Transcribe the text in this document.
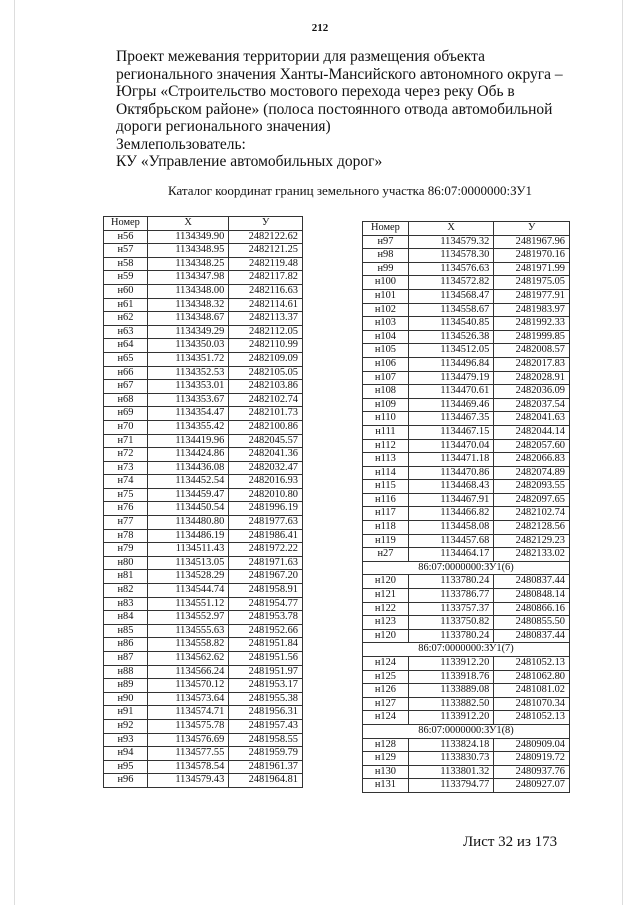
212
Проект межевания территории для размещения объекта
регионального значения Ханты-Мансийского автономного округа –
Югры «Строительство мостового перехода через реку Обь в
Октябрьском районе» (полоса постоянного отвода автомобильной
дороги регионального значения)
Землепользователь:
КУ «Управление автомобильных дорог»
Каталог координат границ земельного участка 86:07:0000000:ЗУ1
Номер	X	У
н56	1134349.90	2482122.62
н57	1134348.95	2482121.25
н58	1134348.25	2482119.48
н59	1134347.98	2482117.82
н60	1134348.00	2482116.63
н61	1134348.32	2482114.61
н62	1134348.67	2482113.37
н63	1134349.29	2482112.05
н64	1134350.03	2482110.99
н65	1134351.72	2482109.09
н66	1134352.53	2482105.05
н67	1134353.01	2482103.86
н68	1134353.67	2482102.74
н69	1134354.47	2482101.73
н70	1134355.42	2482100.86
н71	1134419.96	2482045.57
н72	1134424.86	2482041.36
н73	1134436.08	2482032.47
н74	1134452.54	2482016.93
н75	1134459.47	2482010.80
н76	1134450.54	2481996.19
н77	1134480.80	2481977.63
н78	1134486.19	2481986.41
н79	1134511.43	2481972.22
н80	1134513.05	2481971.63
н81	1134528.29	2481967.20
н82	1134544.74	2481958.91
н83	1134551.12	2481954.77
н84	1134552.97	2481953.78
н85	1134555.63	2481952.66
н86	1134558.82	2481951.84
н87	1134562.62	2481951.56
н88	1134566.24	2481951.97
н89	1134570.12	2481953.17
н90	1134573.64	2481955.38
н91	1134574.71	2481956.31
н92	1134575.78	2481957.43
н93	1134576.69	2481958.55
н94	1134577.55	2481959.79
н95	1134578.54	2481961.37
н96	1134579.43	2481964.81
Номер	X	У
н97	1134579.32	2481967.96
н98	1134578.30	2481970.16
н99	1134576.63	2481971.99
н100	1134572.82	2481975.05
н101	1134568.47	2481977.91
н102	1134558.67	2481983.97
н103	1134540.85	2481992.33
н104	1134526.38	2481999.85
н105	1134512.05	2482008.57
н106	1134496.84	2482017.83
н107	1134479.19	2482028.91
н108	1134470.61	2482036.09
н109	1134469.46	2482037.54
н110	1134467.35	2482041.63
н111	1134467.15	2482044.14
н112	1134470.04	2482057.60
н113	1134471.18	2482066.83
н114	1134470.86	2482074.89
н115	1134468.43	2482093.55
н116	1134467.91	2482097.65
н117	1134466.82	2482102.74
н118	1134458.08	2482128.56
н119	1134457.68	2482129.23
н27	1134464.17	2482133.02
86:07:0000000:ЗУ1(6)		
н120	1133780.24	2480837.44
н121	1133786.77	2480848.14
н122	1133757.37	2480866.16
н123	1133750.82	2480855.50
н120	1133780.24	2480837.44
86:07:0000000:ЗУ1(7)		
н124	1133912.20	2481052.13
н125	1133918.76	2481062.80
н126	1133889.08	2481081.02
н127	1133882.50	2481070.34
н124	1133912.20	2481052.13
86:07:0000000:ЗУ1(8)		
н128	1133824.18	2480909.04
н129	1133830.73	2480919.72
н130	1133801.32	2480937.76
н131	1133794.77	2480927.07
Лист 32 из 173
